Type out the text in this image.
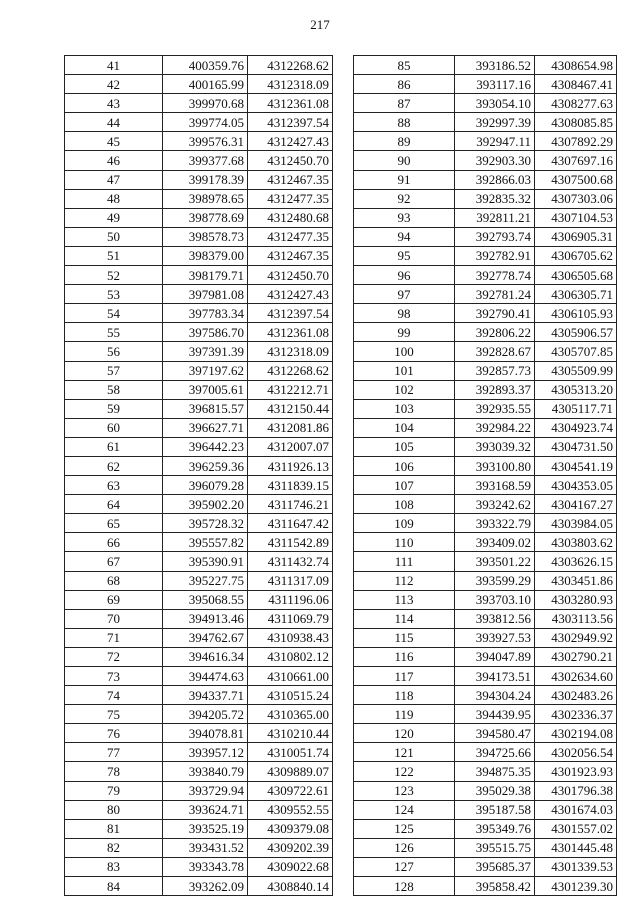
217
41	400359.76	4312268.62
42	400165.99	4312318.09
43	399970.68	4312361.08
44	399774.05	4312397.54
45	399576.31	4312427.43
46	399377.68	4312450.70
47	399178.39	4312467.35
48	398978.65	4312477.35
49	398778.69	4312480.68
50	398578.73	4312477.35
51	398379.00	4312467.35
52	398179.71	4312450.70
53	397981.08	4312427.43
54	397783.34	4312397.54
55	397586.70	4312361.08
56	397391.39	4312318.09
57	397197.62	4312268.62
58	397005.61	4312212.71
59	396815.57	4312150.44
60	396627.71	4312081.86
61	396442.23	4312007.07
62	396259.36	4311926.13
63	396079.28	4311839.15
64	395902.20	4311746.21
65	395728.32	4311647.42
66	395557.82	4311542.89
67	395390.91	4311432.74
68	395227.75	4311317.09
69	395068.55	4311196.06
70	394913.46	4311069.79
71	394762.67	4310938.43
72	394616.34	4310802.12
73	394474.63	4310661.00
74	394337.71	4310515.24
75	394205.72	4310365.00
76	394078.81	4310210.44
77	393957.12	4310051.74
78	393840.79	4309889.07
79	393729.94	4309722.61
80	393624.71	4309552.55
81	393525.19	4309379.08
82	393431.52	4309202.39
83	393343.78	4309022.68
84	393262.09	4308840.14
85	393186.52	4308654.98
86	393117.16	4308467.41
87	393054.10	4308277.63
88	392997.39	4308085.85
89	392947.11	4307892.29
90	392903.30	4307697.16
91	392866.03	4307500.68
92	392835.32	4307303.06
93	392811.21	4307104.53
94	392793.74	4306905.31
95	392782.91	4306705.62
96	392778.74	4306505.68
97	392781.24	4306305.71
98	392790.41	4306105.93
99	392806.22	4305906.57
100	392828.67	4305707.85
101	392857.73	4305509.99
102	392893.37	4305313.20
103	392935.55	4305117.71
104	392984.22	4304923.74
105	393039.32	4304731.50
106	393100.80	4304541.19
107	393168.59	4304353.05
108	393242.62	4304167.27
109	393322.79	4303984.05
110	393409.02	4303803.62
111	393501.22	4303626.15
112	393599.29	4303451.86
113	393703.10	4303280.93
114	393812.56	4303113.56
115	393927.53	4302949.92
116	394047.89	4302790.21
117	394173.51	4302634.60
118	394304.24	4302483.26
119	394439.95	4302336.37
120	394580.47	4302194.08
121	394725.66	4302056.54
122	394875.35	4301923.93
123	395029.38	4301796.38
124	395187.58	4301674.03
125	395349.76	4301557.02
126	395515.75	4301445.48
127	395685.37	4301339.53
128	395858.42	4301239.30
